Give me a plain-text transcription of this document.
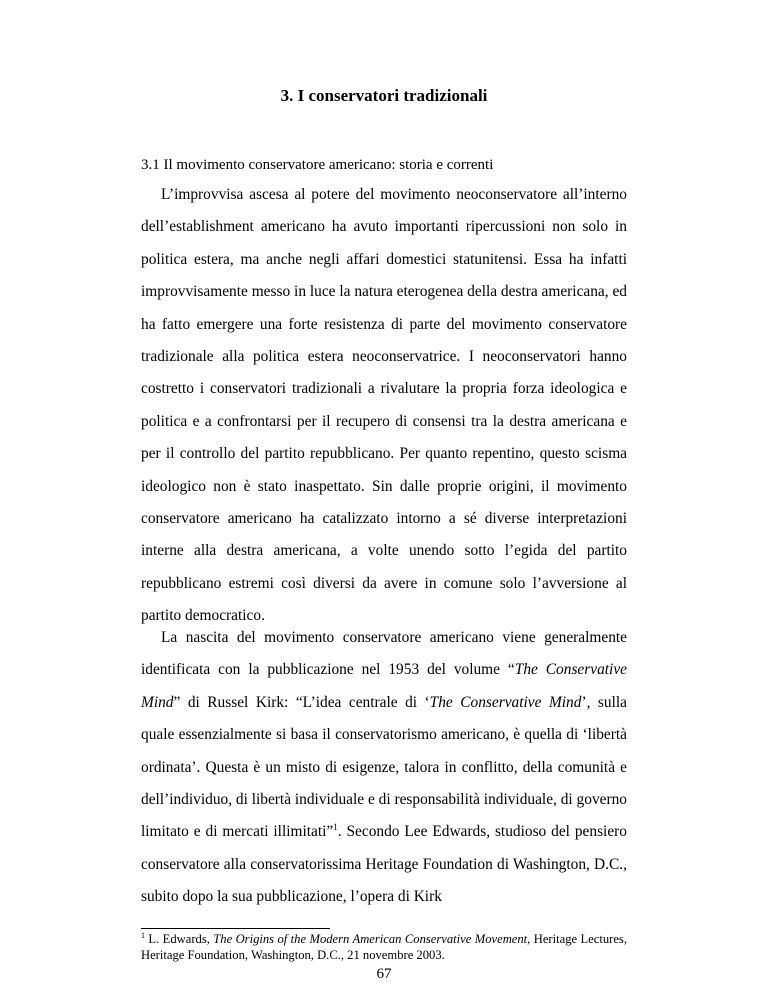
3. I conservatori tradizionali

3.1 Il movimento conservatore americano: storia e correnti

L’improvvisa ascesa al potere del movimento neoconservatore all’interno dell’establishment americano ha avuto importanti ripercussioni non solo in politica estera, ma anche negli affari domestici statunitensi. Essa ha infatti improvvisamente messo in luce la natura eterogenea della destra americana, ed ha fatto emergere una forte resistenza di parte del movimento conservatore tradizionale alla politica estera neoconservatrice. I neoconservatori hanno costretto i conservatori tradizionali a rivalutare la propria forza ideologica e politica e a confrontarsi per il recupero di consensi tra la destra americana e per il controllo del partito repubblicano. Per quanto repentino, questo scisma ideologico non è stato inaspettato. Sin dalle proprie origini, il movimento conservatore americano ha catalizzato intorno a sé diverse interpretazioni interne alla destra americana, a volte unendo sotto l’egida del partito repubblicano estremi così diversi da avere in comune solo l’avversione al partito democratico.

La nascita del movimento conservatore americano viene generalmente identificata con la pubblicazione nel 1953 del volume “The Conservative Mind” di Russel Kirk: “L’idea centrale di ‘The Conservative Mind’, sulla quale essenzialmente si basa il conservatorismo americano, è quella di ‘libertà ordinata’. Questa è un misto di esigenze, talora in conflitto, della comunità e dell’individuo, di libertà individuale e di responsabilità individuale, di governo limitato e di mercati illimitati”$^1$. Secondo Lee Edwards, studioso del pensiero conservatore alla conservatorissima Heritage Foundation di Washington, D.C., subito dopo la sua pubblicazione, l’opera di Kirk

$^1$ L. Edwards, The Origins of the Modern American Conservative Movement, Heritage Lectures, Heritage Foundation, Washington, D.C., 21 novembre 2003.

67
